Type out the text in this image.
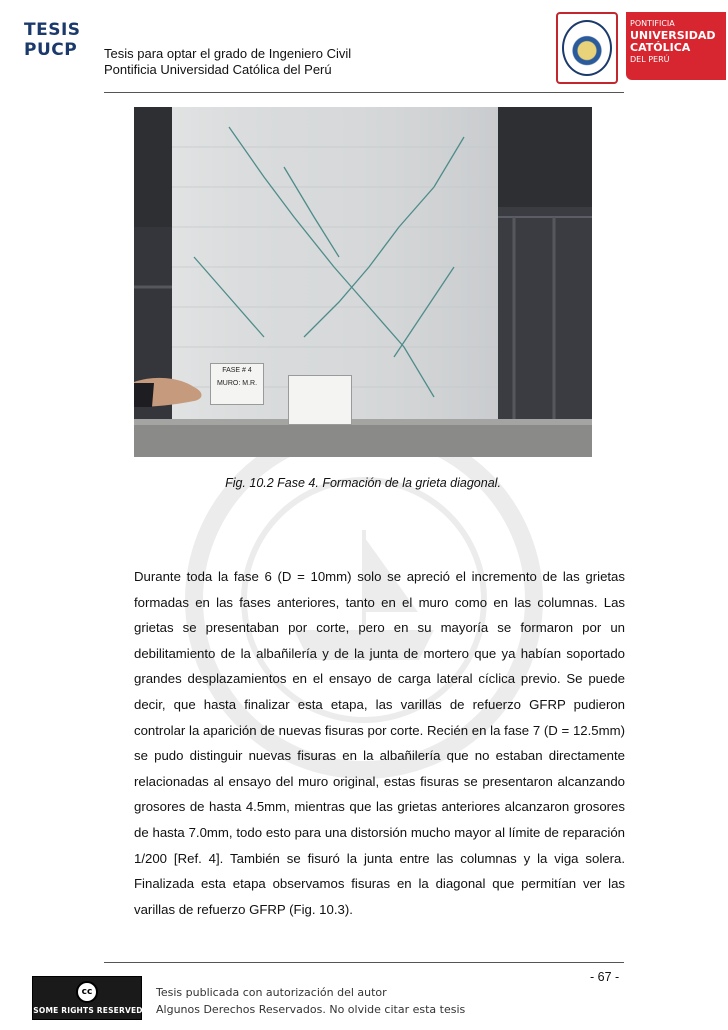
TESIS PUCP	Tesis para optar el grado de Ingeniero Civil
Pontificia Universidad Católica del Perú
PONTIFICIA
UNIVERSIDAD
CATÓLICA
DEL PERÚ
FASE # 4
MURO: M.R.
Fig. 10.2 Fase 4. Formación de la grieta diagonal.
Durante toda la fase 6 (D = 10mm) solo se apreció el incremento de las grietas formadas en las fases anteriores, tanto en el muro como en las columnas. Las grietas se presentaban por corte, pero en su mayoría se formaron por un debilitamiento de la albañilería y de la junta de mortero que ya habían soportado grandes desplazamientos en el ensayo de carga lateral cíclica previo. Se puede decir, que hasta finalizar esta etapa, las varillas de refuerzo GFRP pudieron controlar la aparición de nuevas fisuras por corte. Recién en la fase 7 (D = 12.5mm) se pudo distinguir nuevas fisuras en la albañilería que no estaban directamente relacionadas al ensayo del muro original, estas fisuras se presentaron alcanzando grosores de hasta 4.5mm, mientras que las grietas anteriores alcanzaron grosores de hasta 7.0mm, todo esto para una distorsión mucho mayor al límite de reparación 1/200 [Ref. 4]. También se fisuró la junta entre las columnas y la viga solera. Finalizada esta etapa observamos fisuras en la diagonal que permitían ver las varillas de refuerzo GFRP (Fig. 10.3).
- 67 -
cc
SOME RIGHTS RESERVED
Tesis publicada con autorización del autor
Algunos Derechos Reservados. No olvide citar esta tesis
